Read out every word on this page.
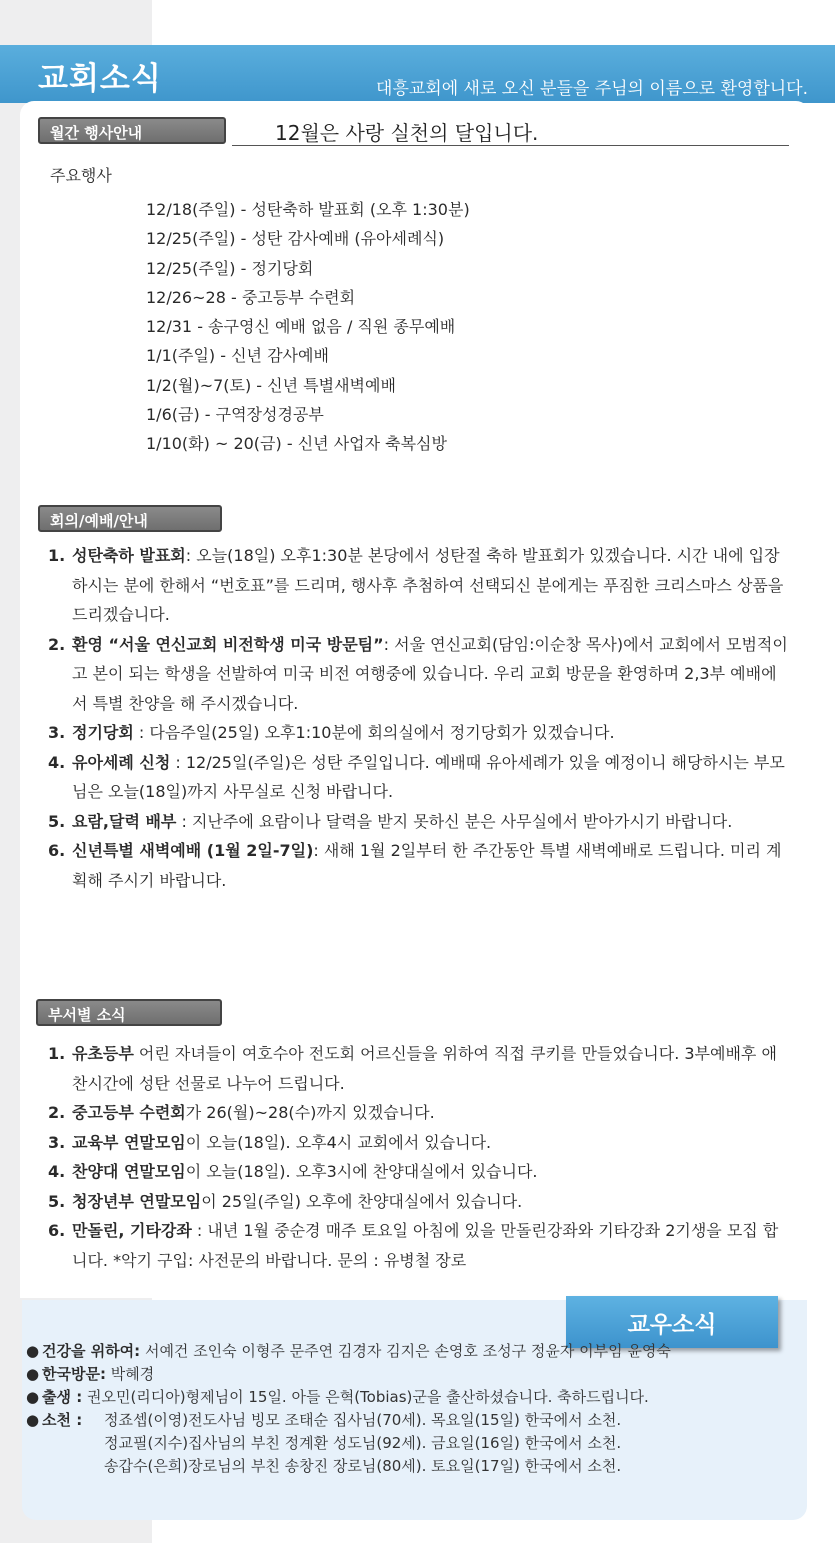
교회소식	대흥교회에 새로 오신 분들을 주님의 이름으로 환영합니다.
월간 행사안내	12월은 사랑 실천의 달입니다.
주요행사
12/18(주일) - 성탄축하 발표회 (오후 1:30분)
12/25(주일) - 성탄 감사예배 (유아세례식)
12/25(주일) - 정기당회
12/26~28 - 중고등부 수련회
12/31 - 송구영신 예배 없음 / 직원 종무예배
1/1(주일) - 신년 감사예배
1/2(월)~7(토) - 신년 특별새벽예배
1/6(금) - 구역장성경공부
1/10(화) ~ 20(금) - 신년 사업자 축복심방
회의/예배/안내
1. 성탄축하 발표회: 오늘(18일) 오후1:30분 본당에서 성탄절 축하 발표회가 있겠습니다. 시간 내에 입장하시는 분에 한해서 “번호표”를 드리며, 행사후 추첨하여 선택되신 분에게는 푸짐한 크리스마스 상품을 드리겠습니다.
2. 환영 “서울 연신교회 비전학생 미국 방문팀”: 서울 연신교회(담임:이순창 목사)에서 교회에서 모범적이고 본이 되는 학생을 선발하여 미국 비전 여행중에 있습니다. 우리 교회 방문을 환영하며 2,3부 예배에서 특별 찬양을 해 주시겠습니다.
3. 정기당회 : 다음주일(25일) 오후1:10분에 회의실에서 정기당회가 있겠습니다.
4. 유아세례 신청 : 12/25일(주일)은 성탄 주일입니다. 예배때 유아세례가 있을 예정이니 해당하시는 부모님은 오늘(18일)까지 사무실로 신청 바랍니다.
5. 요람,달력 배부 : 지난주에 요람이나 달력을 받지 못하신 분은 사무실에서 받아가시기 바랍니다.
6. 신년특별 새벽예배 (1월 2일-7일): 새해 1월 2일부터 한 주간동안 특별 새벽예배로 드립니다. 미리 계획해 주시기 바랍니다.
부서별 소식
1. 유초등부 어린 자녀들이 여호수아 전도회 어르신들을 위하여 직접 쿠키를 만들었습니다. 3부예배후 애찬시간에 성탄 선물로 나누어 드립니다.
2. 중고등부 수련회가 26(월)~28(수)까지 있겠습니다.
3. 교육부 연말모임이 오늘(18일). 오후4시 교회에서 있습니다.
4. 찬양대 연말모임이 오늘(18일). 오후3시에 찬양대실에서 있습니다.
5. 청장년부 연말모임이 25일(주일) 오후에 찬양대실에서 있습니다.
6. 만돌린, 기타강좌 : 내년 1월 중순경 매주 토요일 아침에 있을 만돌린강좌와 기타강좌 2기생을 모집 합니다. *악기 구입: 사전문의 바랍니다. 문의 : 유병철 장로
교우소식
● 건강을 위하여: 서예건 조인숙 이형주 문주연 김경자 김지은 손영호 조성구 정윤자 이부임 윤영숙
● 한국방문: 박혜경
● 출생 : 권오민(리디아)형제님이 15일. 아들 은혁(Tobias)군을 출산하셨습니다. 축하드립니다.
● 소천 :	정죠셉(이영)전도사님 빙모 조태순 집사님(70세). 목요일(15일) 한국에서 소천.
정교필(지수)집사님의 부친 정계환 성도님(92세). 금요일(16일) 한국에서 소천.
송갑수(은희)장로님의 부친 송창진 장로님(80세). 토요일(17일) 한국에서 소천.
